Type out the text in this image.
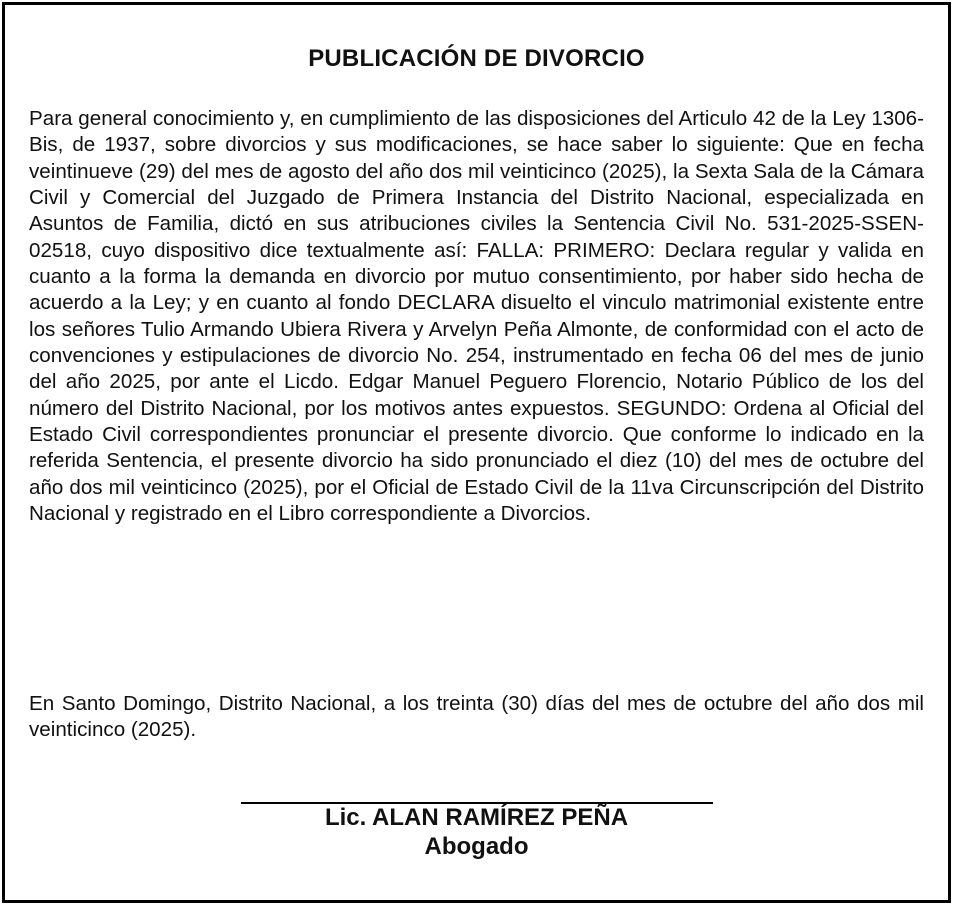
PUBLICACIÓN DE DIVORCIO

Para general conocimiento y, en cumplimiento de las disposiciones del Articulo 42 de la Ley 1306-Bis, de 1937, sobre divorcios y sus modificaciones, se hace saber lo siguiente: Que en fecha veintinueve (29) del mes de agosto del año dos mil veinticinco (2025), la Sexta Sala de la Cámara Civil y Comercial del Juzgado de Primera Instancia del Distrito Nacional, especializada en Asuntos de Familia, dictó en sus atribuciones civiles la Sentencia Civil No. 531-2025-SSEN-02518, cuyo dispositivo dice textualmente así: FALLA: PRIMERO: Declara regular y valida en cuanto a la forma la demanda en divorcio por mutuo consentimiento, por haber sido hecha de acuerdo a la Ley; y en cuanto al fondo DECLARA disuelto el vinculo matrimonial existente entre los señores Tulio Armando Ubiera Rivera y Arvelyn Peña Almonte, de conformidad con el acto de convenciones y estipulaciones de divorcio No. 254, instrumentado en fecha 06 del mes de junio del año 2025, por ante el Licdo. Edgar Manuel Peguero Florencio, Notario Público de los del número del Distrito Nacional, por los motivos antes expuestos. SEGUNDO: Ordena al Oficial del Estado Civil correspondientes pronunciar el presente divorcio. Que conforme lo indicado en la referida Sentencia, el presente divorcio ha sido pronunciado el diez (10) del mes de octubre del año dos mil veinticinco (2025), por el Oficial de Estado Civil de la 11va Circunscripción del Distrito Nacional y registrado en el Libro correspondiente a Divorcios.

En Santo Domingo, Distrito Nacional, a los treinta (30) días del mes de octubre del año dos mil veinticinco (2025).

Lic. ALAN RAMÍREZ PEÑA

Abogado
